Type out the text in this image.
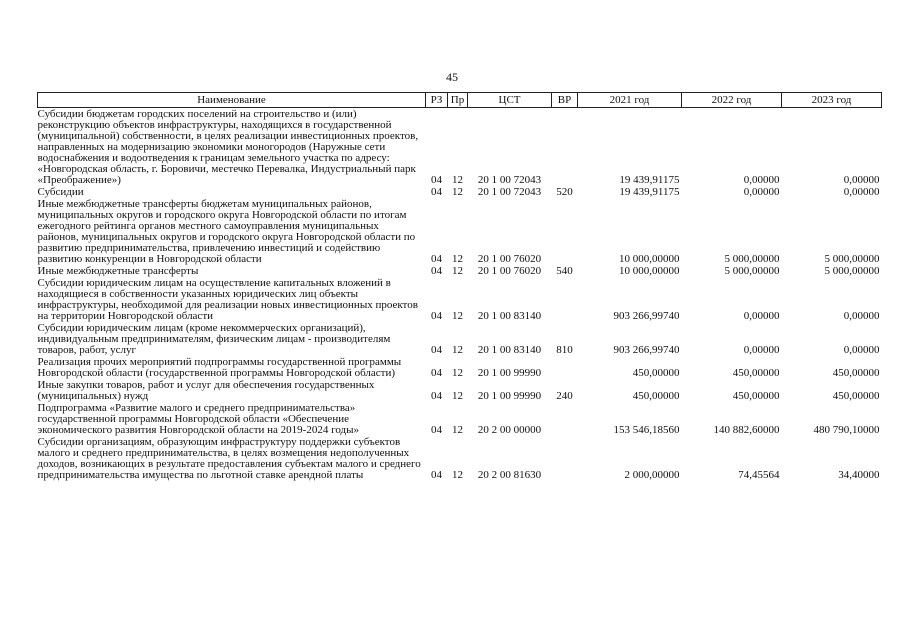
45
Наименование	РЗ	Пр	ЦСТ	ВР	2021 год	2022 год	2023 год
Субсидии бюджетам городских поселений на строительство и (или) реконструкцию объектов инфраструктуры, находящихся в государственной (муниципальной) собственности, в целях реализации инвестиционных проектов, направленных на модернизацию экономики моногородов (Наружные сети водоснабжения и водоотведения к границам земельного участка по адресу: «Новгородская область, г. Боровичи, местечко Перевалка, Индустриальный парк «Преображение»)	04	12	20 1 00 72043		19 439,91175	0,00000	0,00000
Субсидии	04	12	20 1 00 72043	520	19 439,91175	0,00000	0,00000
Иные межбюджетные трансферты бюджетам муниципальных районов, муниципальных округов и городского округа Новгородской области по итогам ежегодного рейтинга органов местного самоуправления муниципальных районов, муниципальных округов и городского округа Новгородской области по развитию предпринимательства, привлечению инвестиций и содействию развитию конкуренции в Новгородской области	04	12	20 1 00 76020		10 000,00000	5 000,00000	5 000,00000
Иные межбюджетные трансферты	04	12	20 1 00 76020	540	10 000,00000	5 000,00000	5 000,00000
Субсидии юридическим лицам на осуществление капитальных вложений в находящиеся в собственности указанных юридических лиц объекты инфраструктуры, необходимой для реализации новых инвестиционных проектов на территории Новгородской области	04	12	20 1 00 83140		903 266,99740	0,00000	0,00000
Субсидии юридическим лицам (кроме некоммерческих организаций), индивидуальным предпринимателям, физическим лицам - производителям товаров, работ, услуг	04	12	20 1 00 83140	810	903 266,99740	0,00000	0,00000
Реализация прочих мероприятий подпрограммы государственной программы Новгородской области (государственной программы Новгородской области)	04	12	20 1 00 99990		450,00000	450,00000	450,00000
Иные закупки товаров, работ и услуг для обеспечения государственных (муниципальных) нужд	04	12	20 1 00 99990	240	450,00000	450,00000	450,00000
Подпрограмма «Развитие малого и среднего предпринимательства» государственной программы Новгородской области «Обеспечение экономического развития Новгородской области на 2019-2024 годы»	04	12	20 2 00 00000		153 546,18560	140 882,60000	480 790,10000
Субсидии организациям, образующим инфраструктуру поддержки субъектов малого и среднего предпринимательства, в целях возмещения недополученных доходов, возникающих в результате предоставления субъектам малого и среднего предпринимательства имущества по льготной ставке арендной платы	04	12	20 2 00 81630		2 000,00000	74,45564	34,40000
